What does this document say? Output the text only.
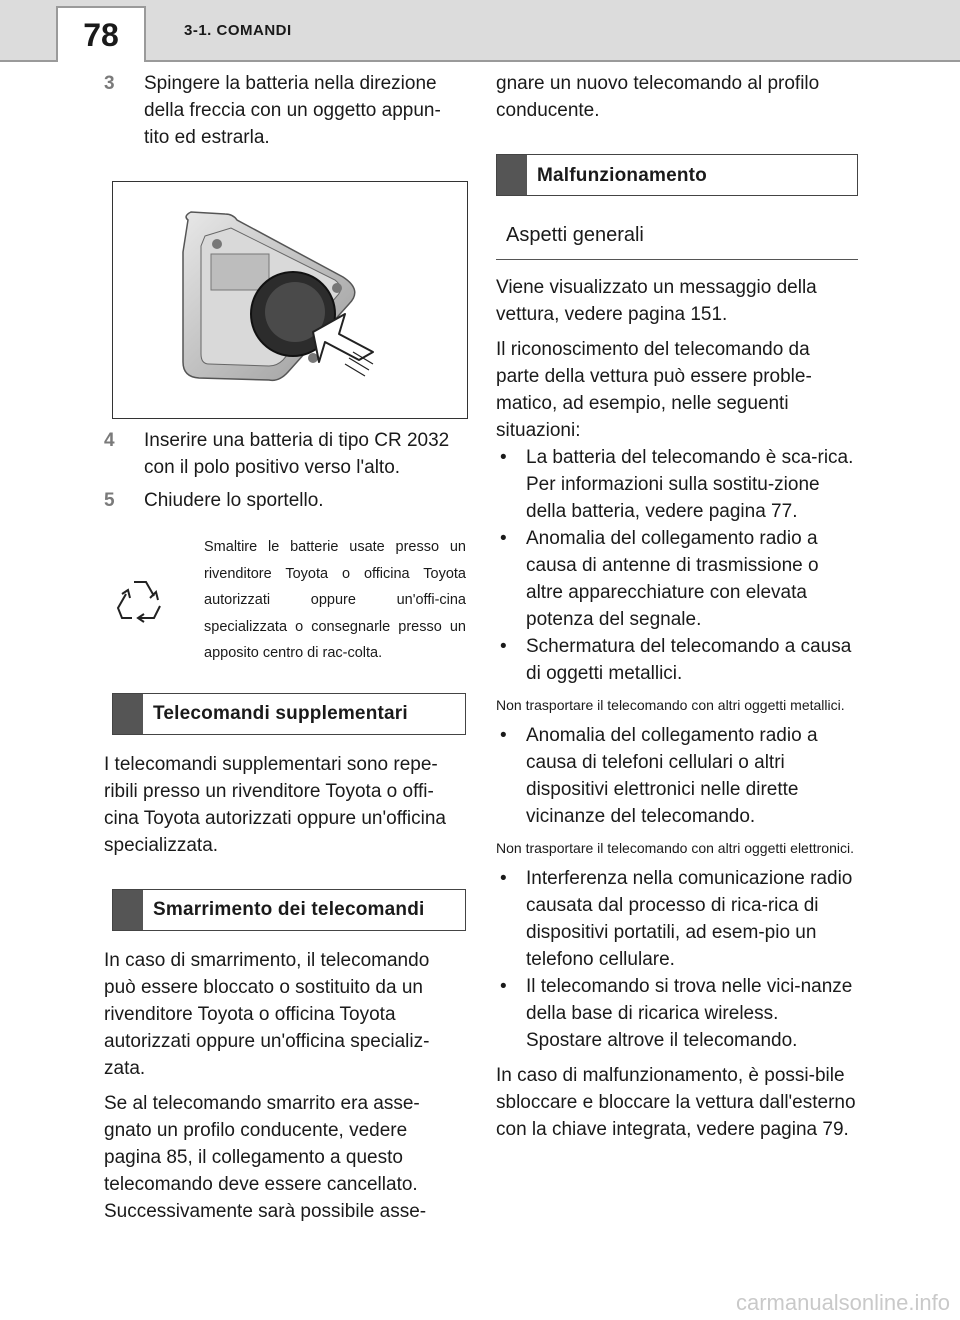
78	3-1. COMANDI
3	Spingere la batteria nella direzione della freccia con un oggetto appun-tito ed estrarla.
4	Inserire una batteria di tipo CR 2032 con il polo positivo verso l'alto.
5	Chiudere lo sportello.
Smaltire le batterie usate presso un rivenditore Toyota o officina Toyota autorizzati oppure un'offi-cina specializzata o consegnarle presso un apposito centro di rac-colta.
Telecomandi supplementari

I telecomandi supplementari sono repe-ribili presso un rivenditore Toyota o offi-cina Toyota autorizzati oppure un'officina specializzata.

Smarrimento dei telecomandi

In caso di smarrimento, il telecomando può essere bloccato o sostituito da un rivenditore Toyota o officina Toyota autorizzati oppure un'officina specializ-zata.

Se al telecomando smarrito era asse-gnato un profilo conducente, vedere pagina 85, il collegamento a questo telecomando deve essere cancellato. Successivamente sarà possibile asse-

gnare un nuovo telecomando al profilo conducente.

Malfunzionamento
Aspetti generali

Viene visualizzato un messaggio della vettura, vedere pagina 151.

Il riconoscimento del telecomando da parte della vettura può essere proble-matico, ad esempio, nelle seguenti situazioni:

•	La batteria del telecomando è sca-rica. Per informazioni sulla sostitu-zione della batteria, vedere pagina 77.
•	Anomalia del collegamento radio a causa di antenne di trasmissione o altre apparecchiature con elevata potenza del segnale.
•	Schermatura del telecomando a causa di oggetti metallici.

Non trasportare il telecomando con altri oggetti metallici.

•	Anomalia del collegamento radio a causa di telefoni cellulari o altri dispositivi elettronici nelle dirette vicinanze del telecomando.

Non trasportare il telecomando con altri oggetti elettronici.

•	Interferenza nella comunicazione radio causata dal processo di rica-rica di dispositivi portatili, ad esem-pio un telefono cellulare.
•	Il telecomando si trova nelle vici-nanze della base di ricarica wireless. Spostare altrove il telecomando.

In caso di malfunzionamento, è possi-bile sbloccare e bloccare la vettura dall'esterno con la chiave integrata, vedere pagina 79.

carmanualsonline.info
